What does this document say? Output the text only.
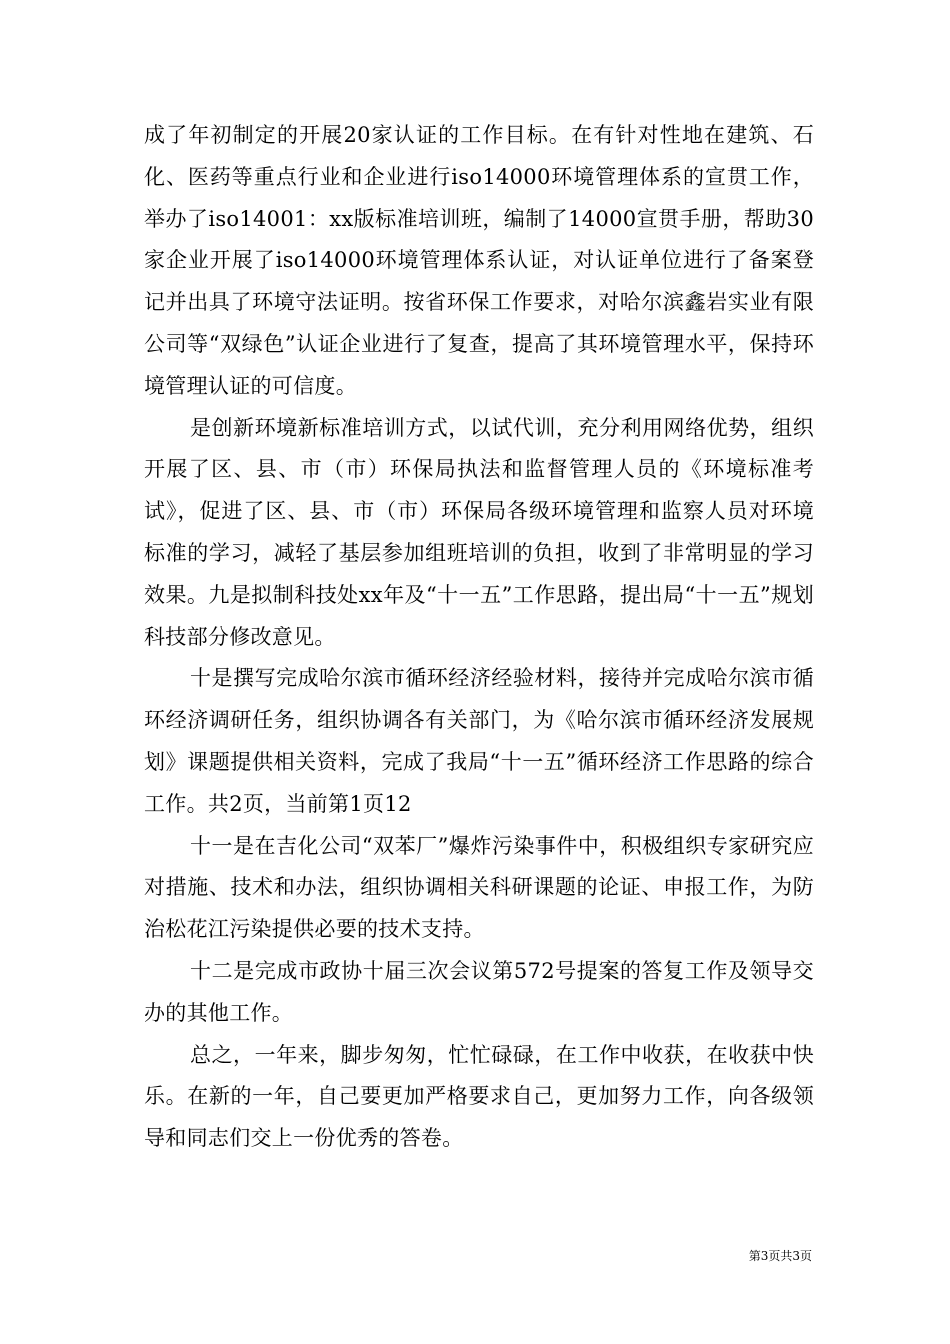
成了年初制定的开展20家认证的工作目标。在有针对性地在建筑、石化、医药等重点行业和企业进行iso14000环境管理体系的宣贯工作，举办了iso14001：xx版标准培训班，编制了14000宣贯手册，帮助30家企业开展了iso14000环境管理体系认证，对认证单位进行了备案登记并出具了环境守法证明。按省环保工作要求，对哈尔滨鑫岩实业有限公司等“双绿色”认证企业进行了复查，提高了其环境管理水平，保持环境管理认证的可信度。

是创新环境新标准培训方式，以试代训，充分利用网络优势，组织开展了区、县、市（市）环保局执法和监督管理人员的《环境标准考试》，促进了区、县、市（市）环保局各级环境管理和监察人员对环境标准的学习，减轻了基层参加组班培训的负担，收到了非常明显的学习效果。九是拟制科技处xx年及“十一五”工作思路，提出局“十一五”规划科技部分修改意见。

十是撰写完成哈尔滨市循环经济经验材料，接待并完成哈尔滨市循环经济调研任务，组织协调各有关部门，为《哈尔滨市循环经济发展规划》课题提供相关资料，完成了我局“十一五”循环经济工作思路的综合工作。共2页，当前第1页12

十一是在吉化公司“双苯厂”爆炸污染事件中，积极组织专家研究应对措施、技术和办法，组织协调相关科研课题的论证、申报工作，为防治松花江污染提供必要的技术支持。

十二是完成市政协十届三次会议第572号提案的答复工作及领导交办的其他工作。

总之，一年来，脚步匆匆，忙忙碌碌，在工作中收获，在收获中快乐。在新的一年，自己要更加严格要求自己，更加努力工作，向各级领导和同志们交上一份优秀的答卷。

第3页共3页
